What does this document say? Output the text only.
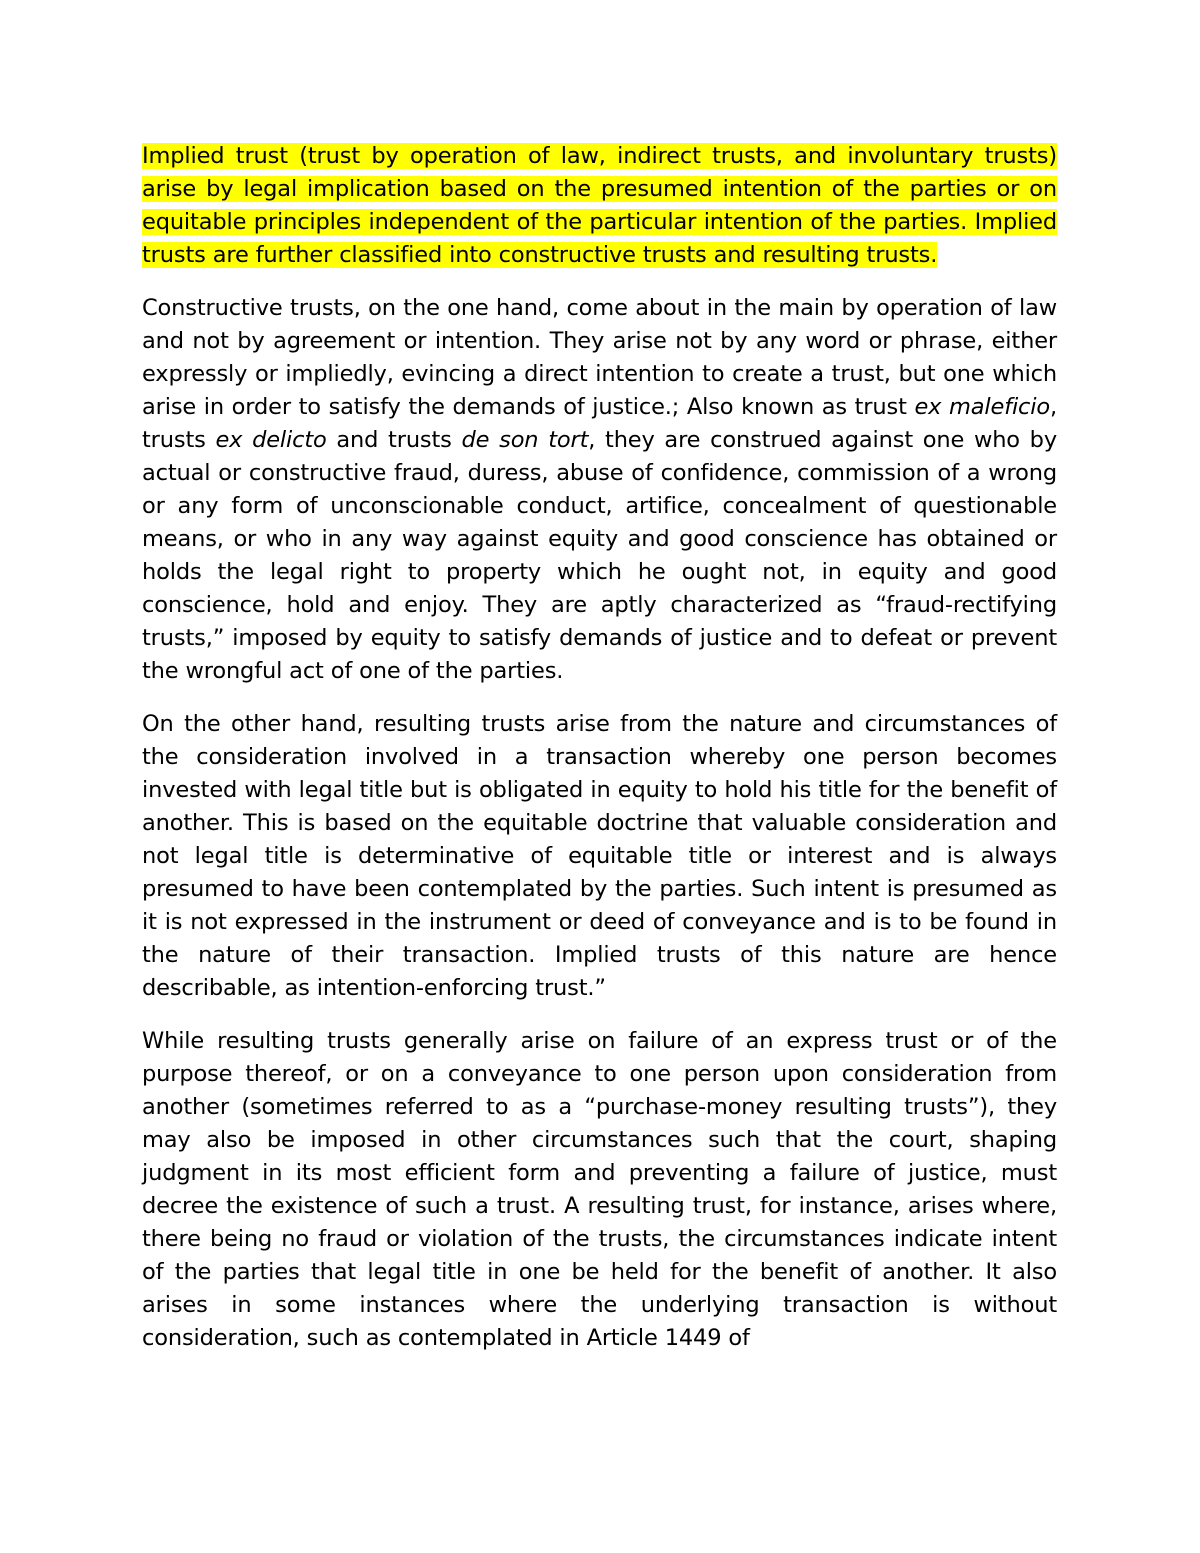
Implied trust (trust by operation of law, indirect trusts, and involuntary trusts) arise by legal implication based on the presumed intention of the parties or on equitable principles independent of the particular intention of the parties. Implied trusts are further classified into constructive trusts and resulting trusts.

Constructive trusts, on the one hand, come about in the main by operation of law and not by agreement or intention. They arise not by any word or phrase, either expressly or impliedly, evincing a direct intention to create a trust, but one which arise in order to satisfy the demands of justice.; Also known as trust ex maleficio, trusts ex delicto and trusts de son tort, they are construed against one who by actual or constructive fraud, duress, abuse of confidence, commission of a wrong or any form of unconscionable conduct, artifice, concealment of questionable means, or who in any way against equity and good conscience has obtained or holds the legal right to property which he ought not, in equity and good conscience, hold and enjoy. They are aptly characterized as “fraud-rectifying trusts,” imposed by equity to satisfy demands of justice and to defeat or prevent the wrongful act of one of the parties.

On the other hand, resulting trusts arise from the nature and circumstances of the consideration involved in a transaction whereby one person becomes invested with legal title but is obligated in equity to hold his title for the benefit of another. This is based on the equitable doctrine that valuable consideration and not legal title is determinative of equitable title or interest and is always presumed to have been contemplated by the parties. Such intent is presumed as it is not expressed in the instrument or deed of conveyance and is to be found in the nature of their transaction. Implied trusts of this nature are hence describable, as intention-enforcing trust.”

While resulting trusts generally arise on failure of an express trust or of the purpose thereof, or on a conveyance to one person upon consideration from another (sometimes referred to as a “purchase-money resulting trusts”), they may also be imposed in other circumstances such that the court, shaping judgment in its most efficient form and preventing a failure of justice, must decree the existence of such a trust. A resulting trust, for instance, arises where, there being no fraud or violation of the trusts, the circumstances indicate intent of the parties that legal title in one be held for the benefit of another. It also arises in some instances where the underlying transaction is without consideration, such as contemplated in Article 1449 of
